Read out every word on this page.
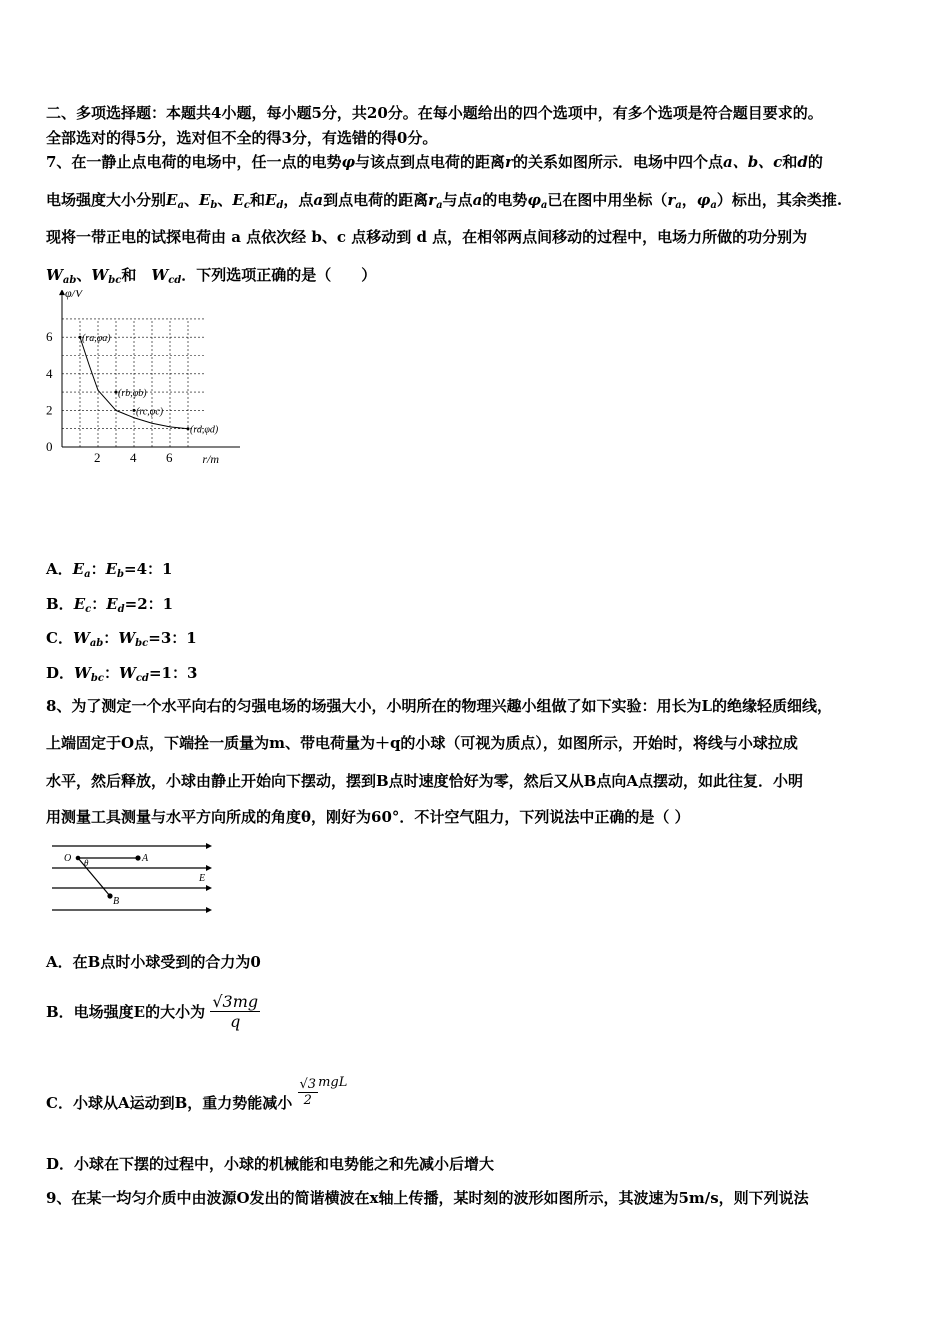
二、多项选择题：本题共4小题，每小题5分，共20分。在每小题给出的四个选项中，有多个选项是符合题目要求的。
全部选对的得5分，选对但不全的得3分，有选错的得0分。
7、在一静止点电荷的电场中，任一点的电势φ与该点到点电荷的距离r的关系如图所示．电场中四个点a、b、c和d的
电场强度大小分别$E_a$、$E_b$、$E_c$和$E_d$，点a到点电荷的距离$r_a$与点a的电势$\varphi_a$已在图中用坐标（$r_a$，$\varphi_a$）标出，其余类推.
现将一带正电的试探电荷由 a 点依次经 b、c 点移动到 d 点，在相邻两点间移动的过程中，电场力所做的功分别为
$W_{ab}$、$W_{bc}$和　$W_{cd}$．下列选项正确的是（　　）
2 4 6
0
2
4
6
φ/V
r/m
(ra,φa)
(rb,φb)
(rc,φc)
(rd,φd)
A．$E_a$：$E_b=4$：1
B．$E_c$：$E_d=2$：1
C．$W_{ab}$：$W_{bc}=3$：1
D．$W_{bc}$：$W_{cd}=1$：3
8、为了测定一个水平向右的匀强电场的场强大小，小明所在的物理兴趣小组做了如下实验：用长为L的绝缘轻质细线，
上端固定于O点，下端拴一质量为m、带电荷量为＋q的小球（可视为质点），如图所示，开始时，将线与小球拉成
水平，然后释放，小球由静止开始向下摆动，摆到B点时速度恰好为零，然后又从B点向A点摆动，如此往复．小明
用测量工具测量与水平方向所成的角度θ，刚好为60°．不计空气阻力，下列说法中正确的是（ ）
O θ	A
B
E
A．在B点时小球受到的合力为0
B．电场强度E的大小为 $\frac{√3mg}{q}$
C．小球从A运动到B，重力势能减小 $\frac{√3}{2}$ mgL
D．小球在下摆的过程中，小球的机械能和电势能之和先减小后增大
9、在某一均匀介质中由波源O发出的简谐横波在x轴上传播，某时刻的波形如图所示，其波速为5m/s，则下列说法
